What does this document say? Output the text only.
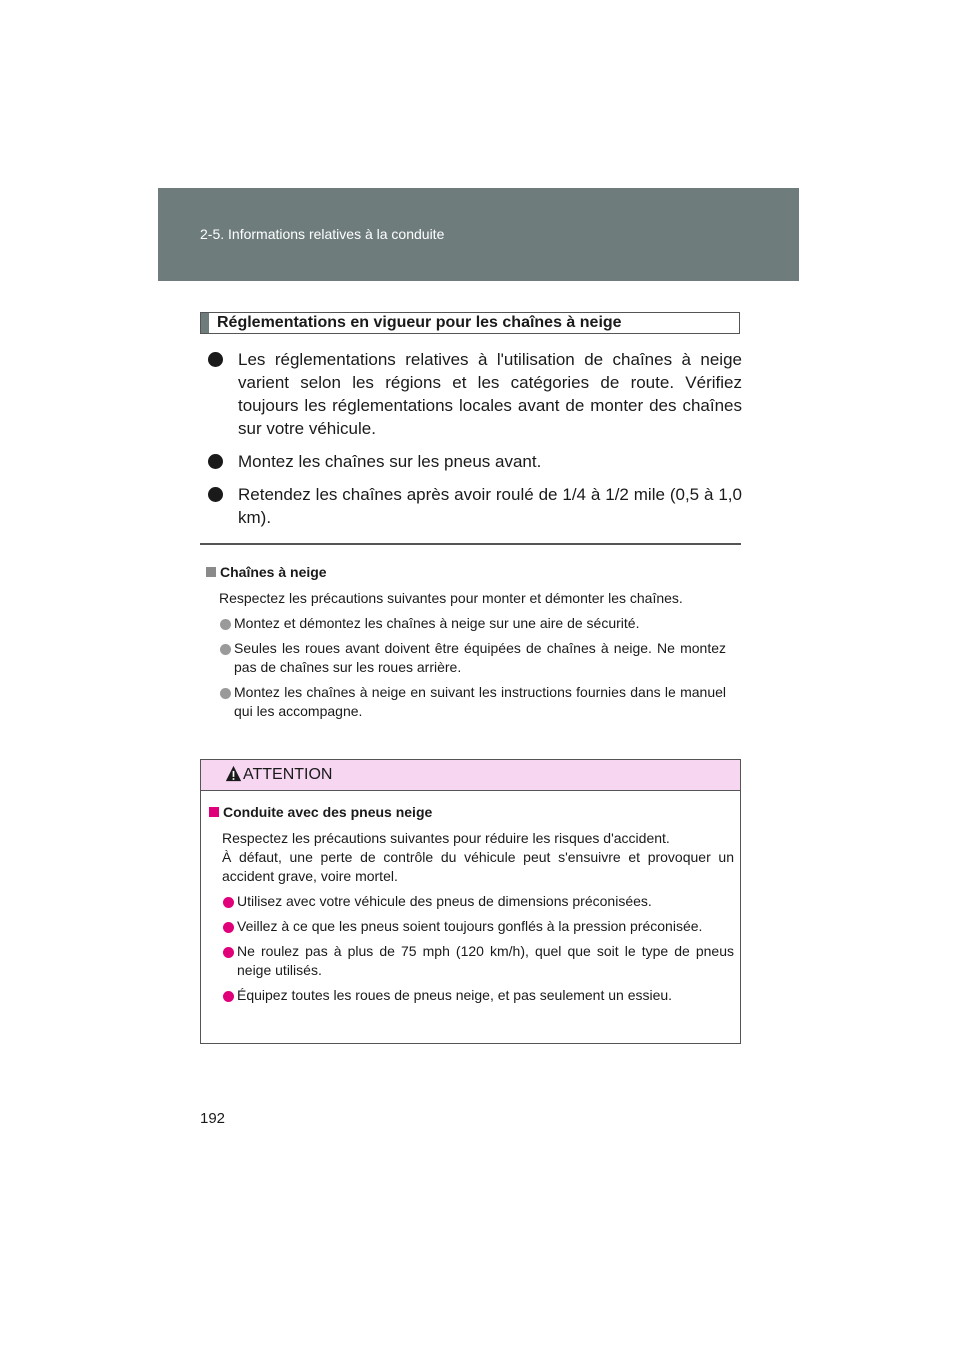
2-5. Informations relatives à la conduite
Réglementations en vigueur pour les chaînes à neige
Les réglementations relatives à l'utilisation de chaînes à neige varient selon les régions et les catégories de route. Vérifiez toujours les réglementations locales avant de monter des chaînes sur votre véhicule.
Montez les chaînes sur les pneus avant.
Retendez les chaînes après avoir roulé de 1/4 à 1/2 mile (0,5 à 1,0 km).
Chaînes à neige
Respectez les précautions suivantes pour monter et démonter les chaînes.
Montez et démontez les chaînes à neige sur une aire de sécurité.
Seules les roues avant doivent être équipées de chaînes à neige. Ne montez pas de chaînes sur les roues arrière.
Montez les chaînes à neige en suivant les instructions fournies dans le manuel qui les accompagne.
ATTENTION
Conduite avec des pneus neige
Respectez les précautions suivantes pour réduire les risques d'accident.
À défaut, une perte de contrôle du véhicule peut s'ensuivre et provoquer un accident grave, voire mortel.
Utilisez avec votre véhicule des pneus de dimensions préconisées.
Veillez à ce que les pneus soient toujours gonflés à la pression préconisée.
Ne roulez pas à plus de 75 mph (120 km/h), quel que soit le type de pneus neige utilisés.
Équipez toutes les roues de pneus neige, et pas seulement un essieu.
192
